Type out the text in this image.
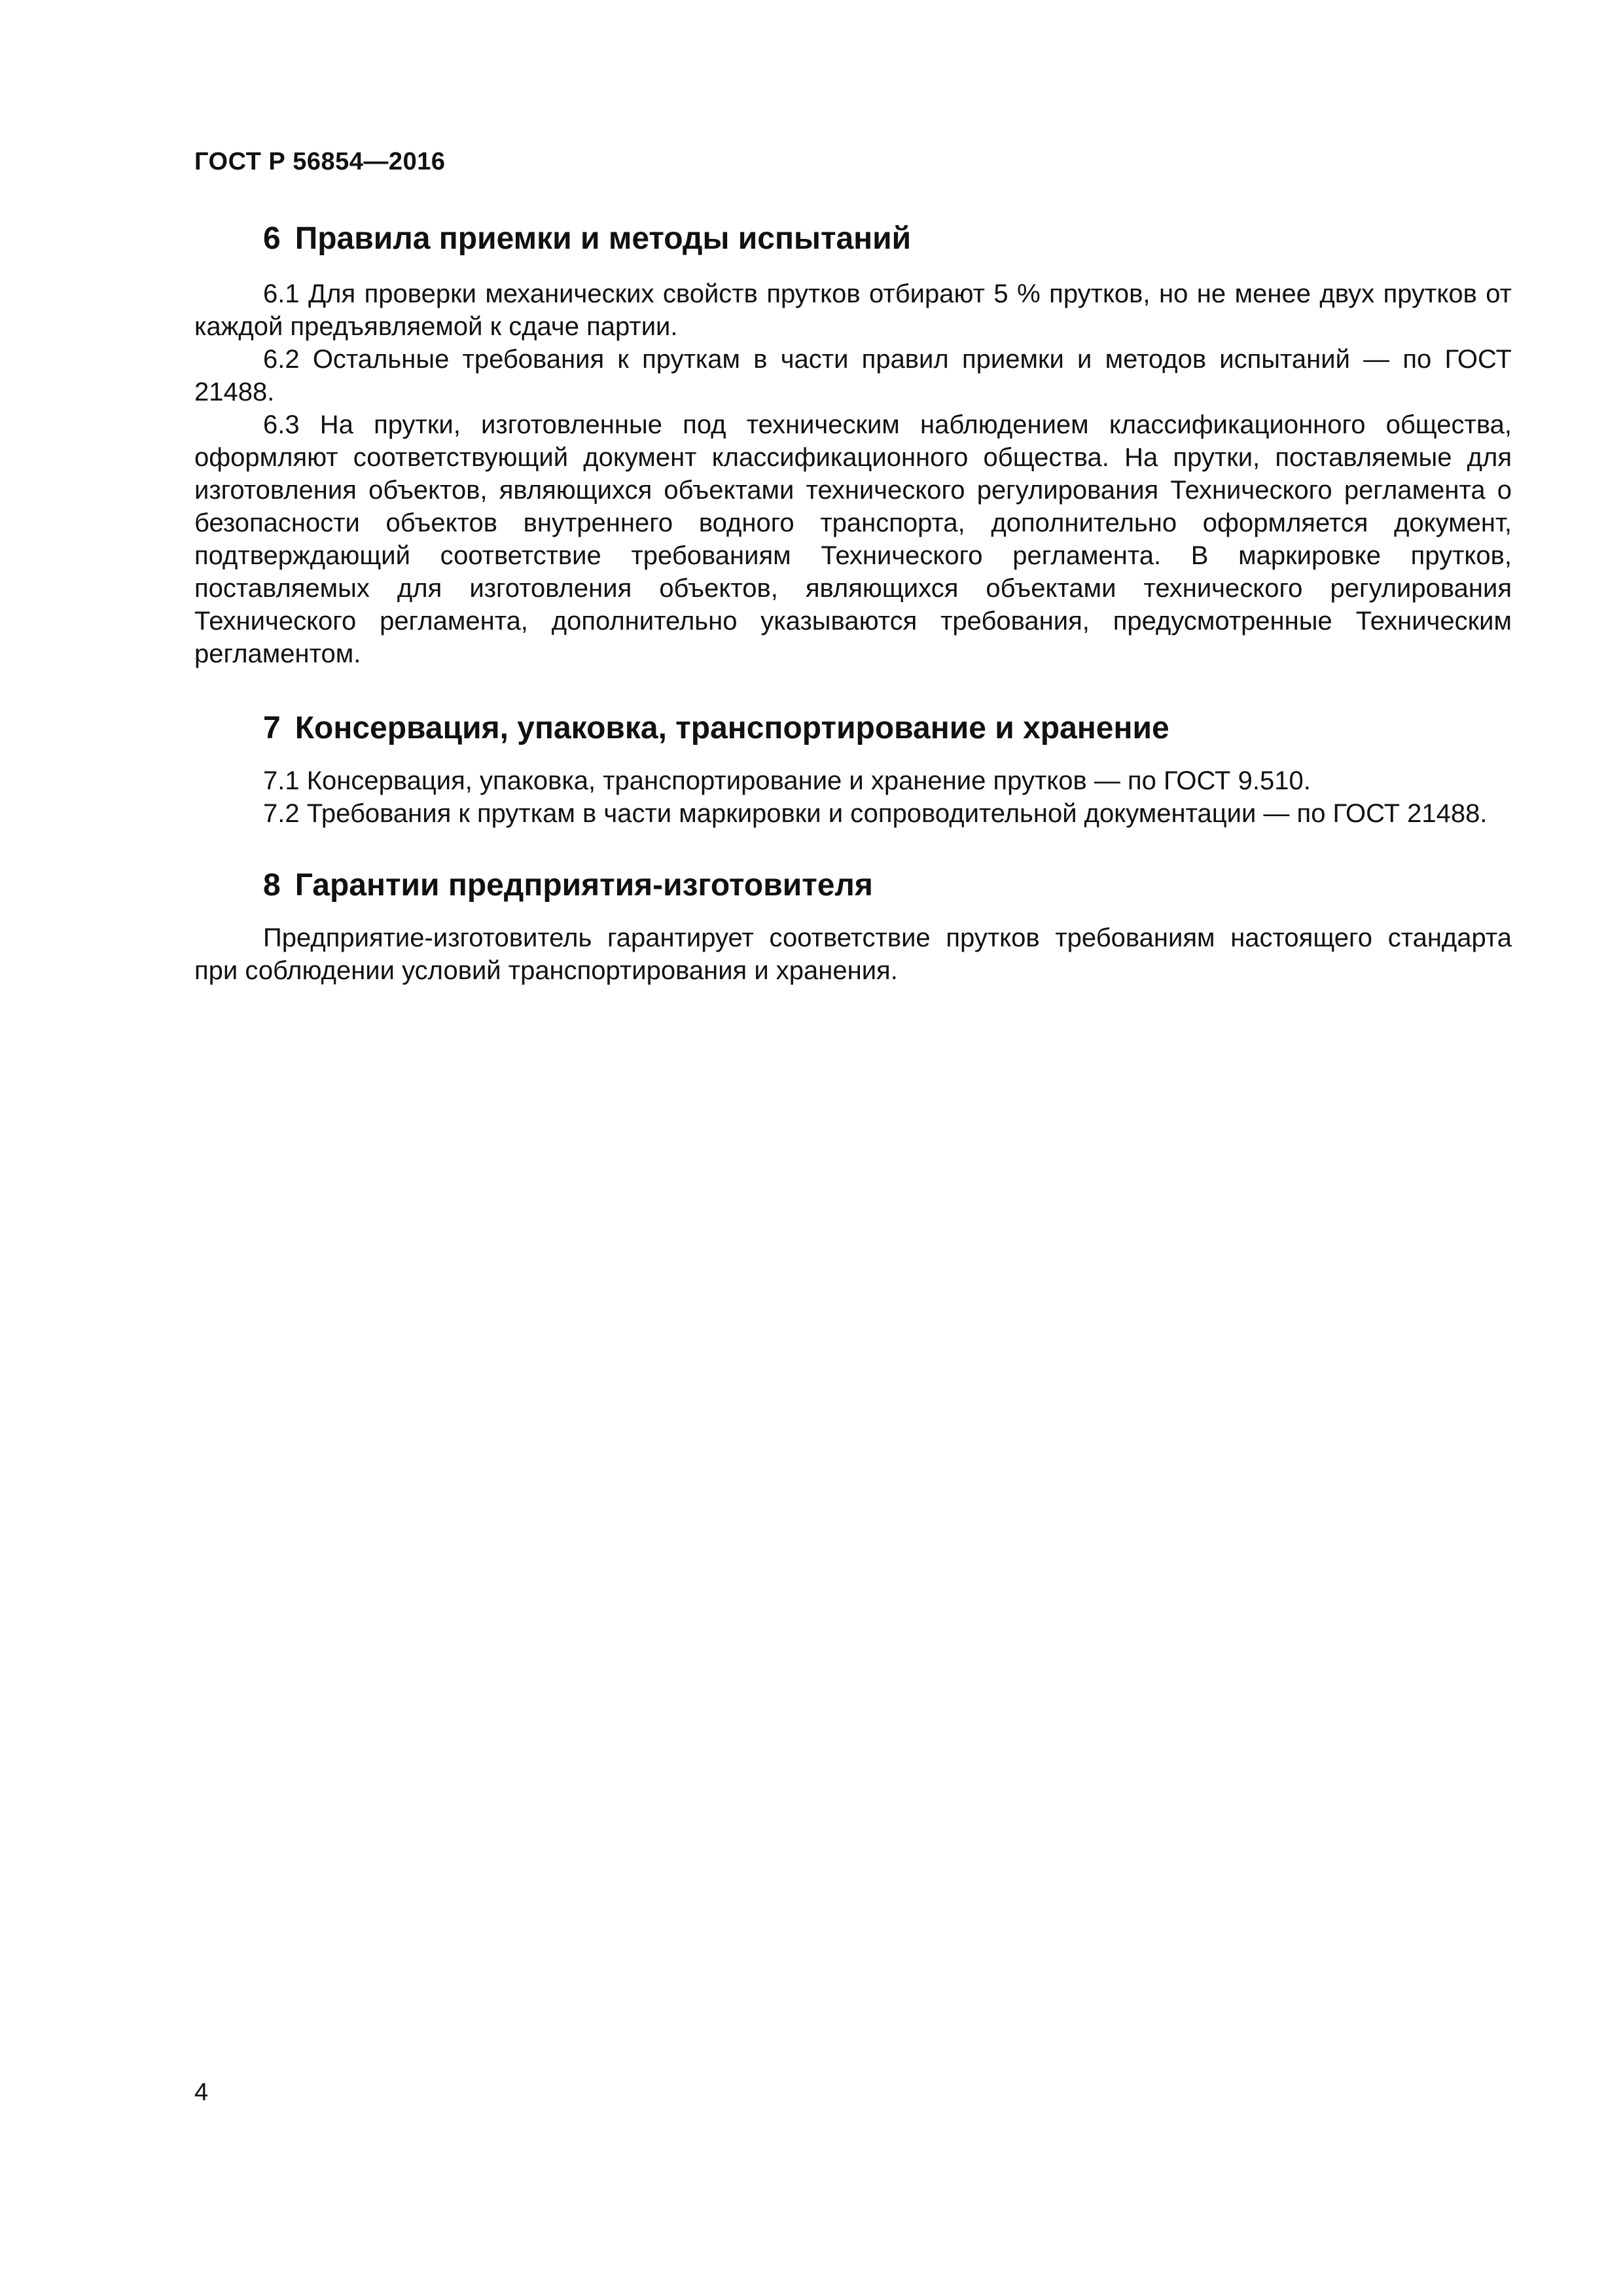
ГОСТ Р 56854—2016
6 Правила приемки и методы испытаний

6.1 Для проверки механических свойств прутков отбирают 5 % прутков, но не менее двух прутков от каждой предъявляемой к сдаче партии.

6.2 Остальные требования к пруткам в части правил приемки и методов испытаний — по ГОСТ 21488.

6.3 На прутки, изготовленные под техническим наблюдением классификационного общества, оформляют соответствующий документ классификационного общества. На прутки, поставляемые для изготовления объектов, являющихся объектами технического регулирования Технического регламента о безопасности объектов внутреннего водного транспорта, дополнительно оформляется документ, подтверждающий соответствие требованиям Технического регламента. В маркировке прутков, поставляемых для изготовления объектов, являющихся объектами технического регулирования Технического регламента, дополнительно указываются требования, предусмотренные Техническим регламентом.

7 Консервация, упаковка, транспортирование и хранение

7.1 Консервация, упаковка, транспортирование и хранение прутков — по ГОСТ 9.510.

7.2 Требования к пруткам в части маркировки и сопроводительной документации — по ГОСТ 21488.

8 Гарантии предприятия-изготовителя

Предприятие-изготовитель гарантирует соответствие прутков требованиям настоящего стандарта при соблюдении условий транспортирования и хранения.

4
